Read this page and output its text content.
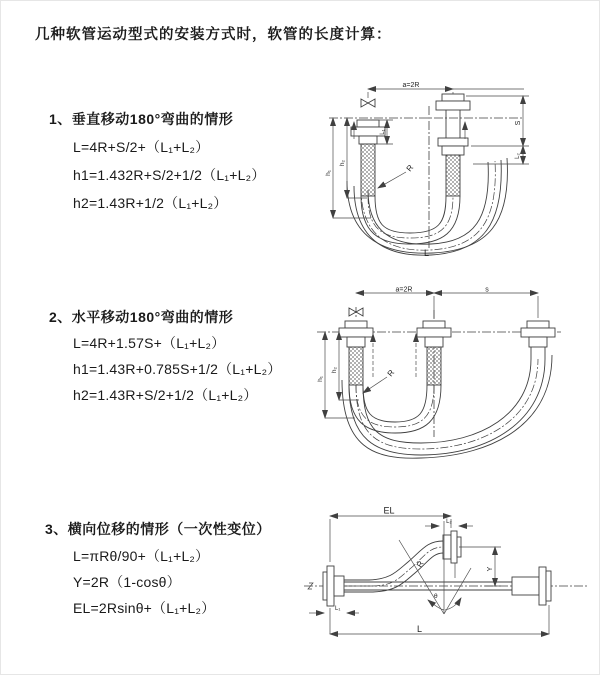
几种软管运动型式的安装方式时，软管的长度计算：
1、垂直移动180°弯曲的情形
L=4R+S/2+（L₁+L₂）
h1=1.432R+S/2+1/2（L₁+L₂）
h2=1.43R+1/2（L₁+L₂）
2、水平移动180°弯曲的情形
L=4R+1.57S+（L₁+L₂）
h1=1.43R+0.785S+1/2（L₁+L₂）
h2=1.43R+S/2+1/2（L₁+L₂）
3、横向位移的情形（一次性变位）
L=πRθ/90+（L₁+L₂）
Y=2R（1-cosθ）
EL=2Rsinθ+（L₁+L₂）
a=2R
S
h₁
h₂
L₁
L₂
R
L
a=2R	s
h₁
h₂	R
EL
L₂
Y
L
L₁
R
θ
